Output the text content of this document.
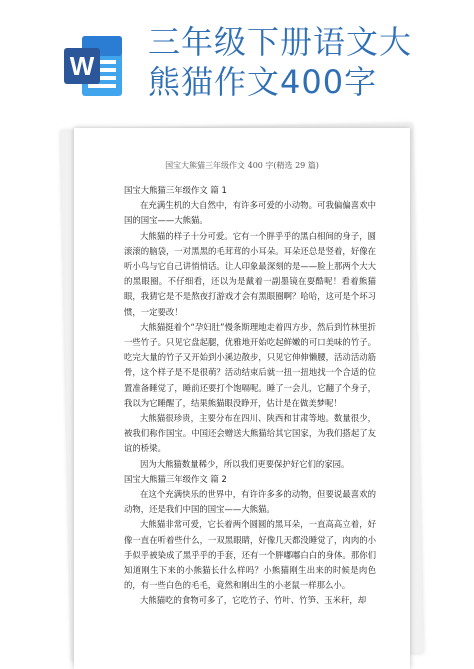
W
三年级下册语文大
熊猫作文400字
国宝大熊猫三年级作文 400 字(精选 29 篇)
国宝大熊猫三年级作文 篇 1

在充满生机的大自然中，有许多可爱的小动物。可我偏偏喜欢中国的国宝——大熊猫。

大熊猫的样子十分可爱。它有一个胖乎乎的黑白相间的身子，圆滚滚的脑袋，一对黑黑的毛茸茸的小耳朵。耳朵还总是竖着，好像在听小鸟与它自己讲悄悄话。让人印象最深刻的是——脸上那两个大大的黑眼圈。不仔细看，还以为是戴着一副墨镜在耍酷呢！看着熊猫眼，我猜它是不是熬夜打游戏才会有黑眼圈啊？哈哈，这可是个坏习惯，一定要改！

大熊猫挺着个“孕妇肚”慢条斯理地走着四方步，然后到竹林里折一些竹子。只见它盘起腿，优雅地开始吃起鲜嫩的可口美味的竹子。吃完大量的竹子又开始到小溪边散步，只见它伸伸懒腰，活动活动筋骨，这个样子是不是很萌？活动结束后就一扭一扭地找一个合适的位置准备睡觉了，睡前还要打个饱嗝呢。睡了一会儿，它翻了个身子，我以为它睡醒了，结果熊猫眼没睁开，估计是在做美梦呢！

大熊猫很珍贵，主要分布在四川、陕西和甘肃等地。数量很少，被我们称作国宝。中国还会赠送大熊猫给其它国家，为我们搭起了友谊的桥梁。

因为大熊猫数量稀少，所以我们更要保护好它们的家园。

国宝大熊猫三年级作文 篇 2

在这个充满快乐的世界中，有许许多多的动物，但要说最喜欢的动物，还是我们中国的国宝——大熊猫。

大熊猫非常可爱，它长着两个圆圆的黑耳朵，一直高高立着，好像一直在听着些什么，一双黑眼睛，好像几天都没睡觉了，肉肉的小手似乎被染成了黑乎乎的手套，还有一个胖嘟嘟白白的身体。那你们知道刚生下来的小熊猫长什么样吗？小熊猫刚生出来的时候是肉色的，有一些白色的毛毛，竟然和刚出生的小老鼠一样那么小。

大熊猫吃的食物可多了，它吃竹子、竹叶、竹笋、玉米秆，却
